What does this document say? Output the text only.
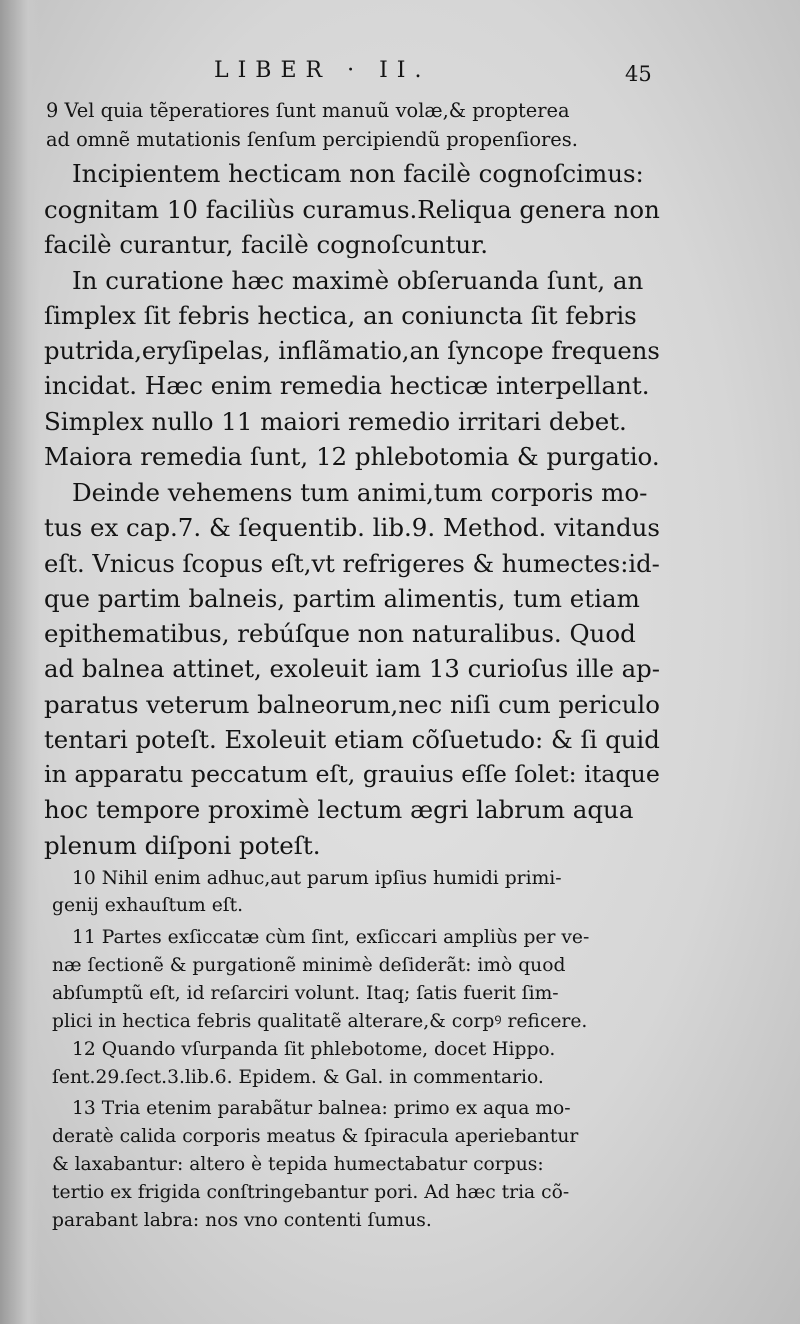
LIBER · II.	45
9 Vel quia tẽperatiores ſunt manuũ volæ,& propterea
ad omnẽ mutationis ſenſum percipiendũ propenſiores.
Incipientem hecticam non facilè cognoſcimus:
cognitam 10 faciliùs curamus.Reliqua genera non
facilè curantur, facilè cognoſcuntur.
In curatione hæc maximè obſeruanda ſunt, an
ſimplex ſit febris hectica, an coniuncta ſit febris
putrida,eryſipelas, inflãmatio,an ſyncope frequens
incidat. Hæc enim remedia hecticæ interpellant.
Simplex nullo 11 maiori remedio irritari debet.
Maiora remedia ſunt, 12 phlebotomia & purgatio.
Deinde vehemens tum animi,tum corporis mo-
tus ex cap.7. & ſequentib. lib.9. Method. vitandus
eſt. Vnicus ſcopus eſt,vt refrigeres & humectes:id-
que partim balneis, partim alimentis, tum etiam
epithematibus, rebúſque non naturalibus. Quod
ad balnea attinet, exoleuit iam 13 curioſus ille ap-
paratus veterum balneorum,nec niſi cum periculo
tentari poteſt. Exoleuit etiam cõſuetudo: & ſi quid
in apparatu peccatum eſt, grauius eſſe ſolet: itaque
hoc tempore proximè lectum ægri labrum aqua
plenum diſponi poteſt.
10 Nihil enim adhuc,aut parum ipſius humidi primi-
genij exhauſtum eſt.
11 Partes exſiccatæ cùm ſint, exſiccari ampliùs per ve-
næ ſectionẽ & purgationẽ minimè deſiderãt: imò quod
abſumptũ eſt, id reſarciri volunt. Itaq; ſatis fuerit ſim-
plici in hectica febris qualitatẽ alterare,& corpꝰ reficere.
12 Quando vſurpanda ſit phlebotome, docet Hippo.
ſent.29.ſect.3.lib.6. Epidem. & Gal. in commentario.
13 Tria etenim parabãtur balnea: primo ex aqua mo-
deratè calida corporis meatus & ſpiracula aperiebantur
& laxabantur: altero è tepida humectabatur corpus:
tertio ex frigida conſtringebantur pori. Ad hæc tria cõ-
parabant labra: nos vno contenti ſumus.
